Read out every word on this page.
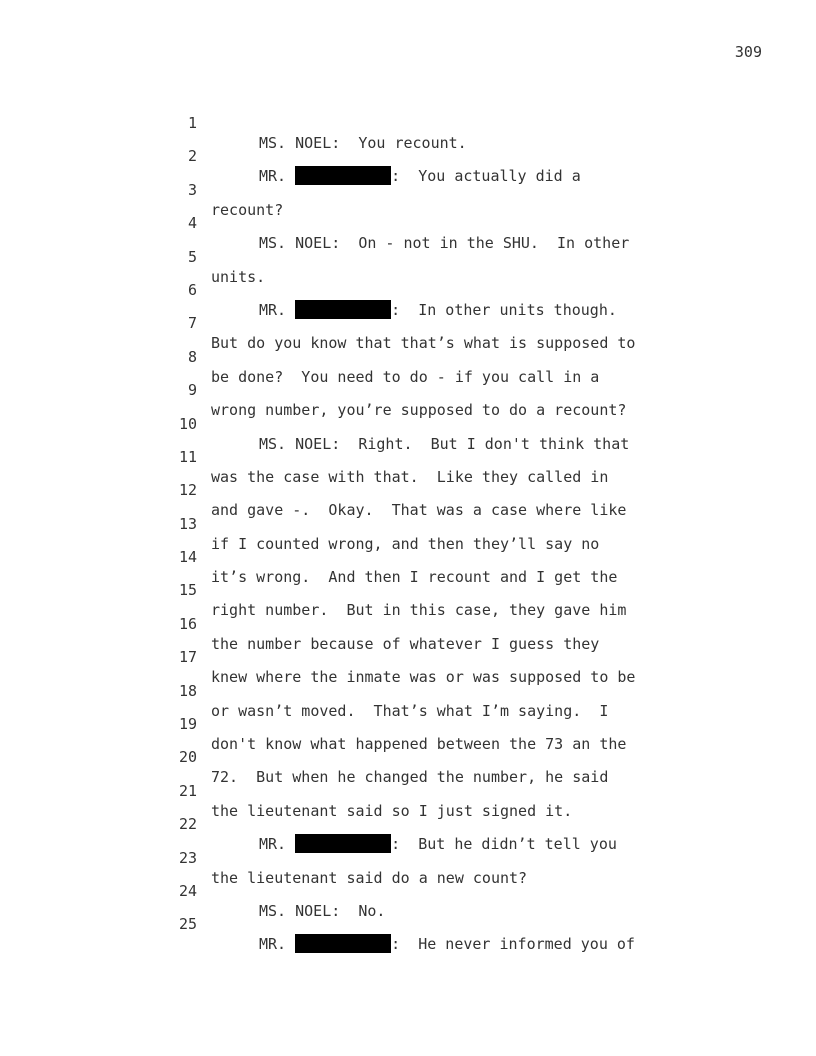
309

1

MS. NOEL:  You recount.

2

MR.	:  You actually did a

3

recount?

4

MS. NOEL:  On - not in the SHU.  In other

5

units.

6

MR.	:  In other units though.

7

But do you know that that’s what is supposed to

8

be done?  You need to do - if you call in a

9

wrong number, you’re supposed to do a recount?

10

MS. NOEL:  Right.  But I don't think that

11

was the case with that.  Like they called in

12

and gave -.  Okay.  That was a case where like

13

if I counted wrong, and then they’ll say no

14

it’s wrong.  And then I recount and I get the

15

right number.  But in this case, they gave him

16

the number because of whatever I guess they

17

knew where the inmate was or was supposed to be

18

or wasn’t moved.  That’s what I’m saying.  I

19

don't know what happened between the 73 an the

20

72.  But when he changed the number, he said

21

the lieutenant said so I just signed it.

22

MR.	:  But he didn’t tell you

23

the lieutenant said do a new count?

24

MS. NOEL:  No.

25

MR.	:  He never informed you of
